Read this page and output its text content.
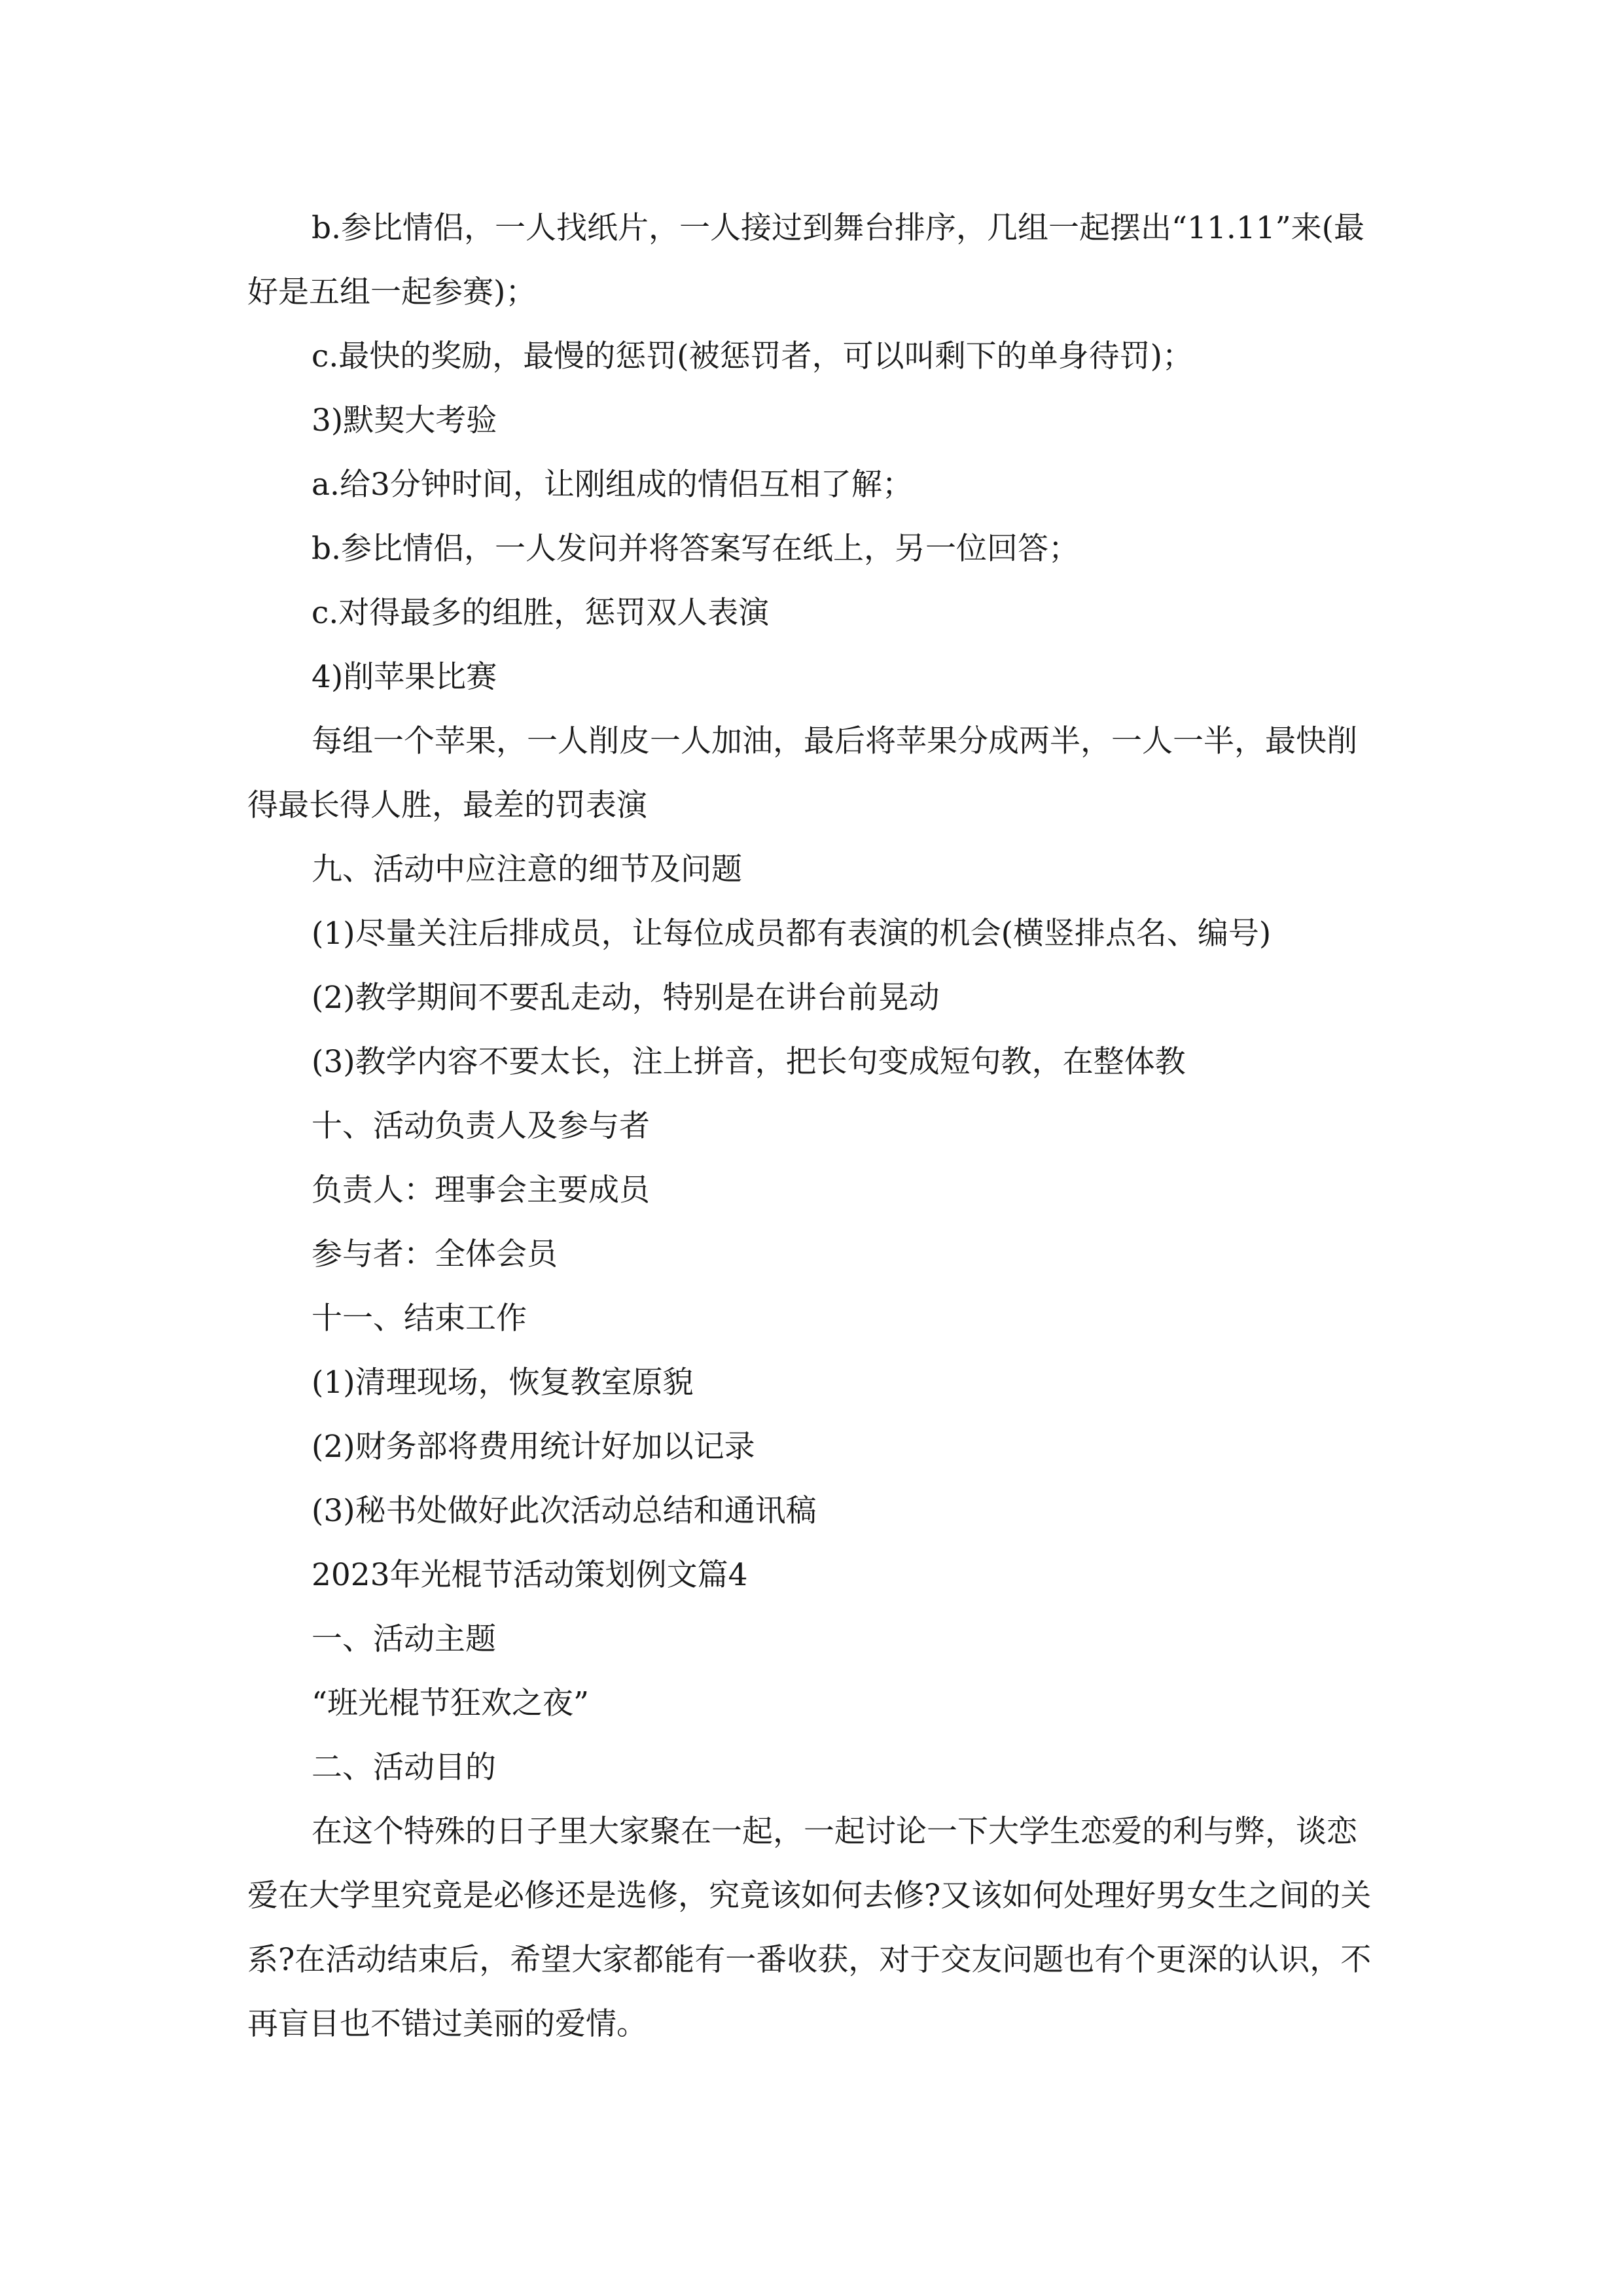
b.参比情侣，一人找纸片，一人接过到舞台排序，几组一起摆出“11.11”来(最好是五组一起参赛)；

c.最快的奖励，最慢的惩罚(被惩罚者，可以叫剩下的单身待罚)；

3)默契大考验

a.给3分钟时间，让刚组成的情侣互相了解；

b.参比情侣，一人发问并将答案写在纸上，另一位回答；

c.对得最多的组胜，惩罚双人表演

4)削苹果比赛

每组一个苹果，一人削皮一人加油，最后将苹果分成两半，一人一半，最快削得最长得人胜，最差的罚表演

九、活动中应注意的细节及问题

(1)尽量关注后排成员，让每位成员都有表演的机会(横竖排点名、编号)

(2)教学期间不要乱走动，特别是在讲台前晃动

(3)教学内容不要太长，注上拼音，把长句变成短句教，在整体教

十、活动负责人及参与者

负责人：理事会主要成员

参与者：全体会员

十一、结束工作

(1)清理现场，恢复教室原貌

(2)财务部将费用统计好加以记录

(3)秘书处做好此次活动总结和通讯稿

2023年光棍节活动策划例文篇4

一、活动主题

“班光棍节狂欢之夜”

二、活动目的

在这个特殊的日子里大家聚在一起，一起讨论一下大学生恋爱的利与弊，谈恋爱在大学里究竟是必修还是选修，究竟该如何去修?又该如何处理好男女生之间的关系?在活动结束后，希望大家都能有一番收获，对于交友问题也有个更深的认识，不再盲目也不错过美丽的爱情。
